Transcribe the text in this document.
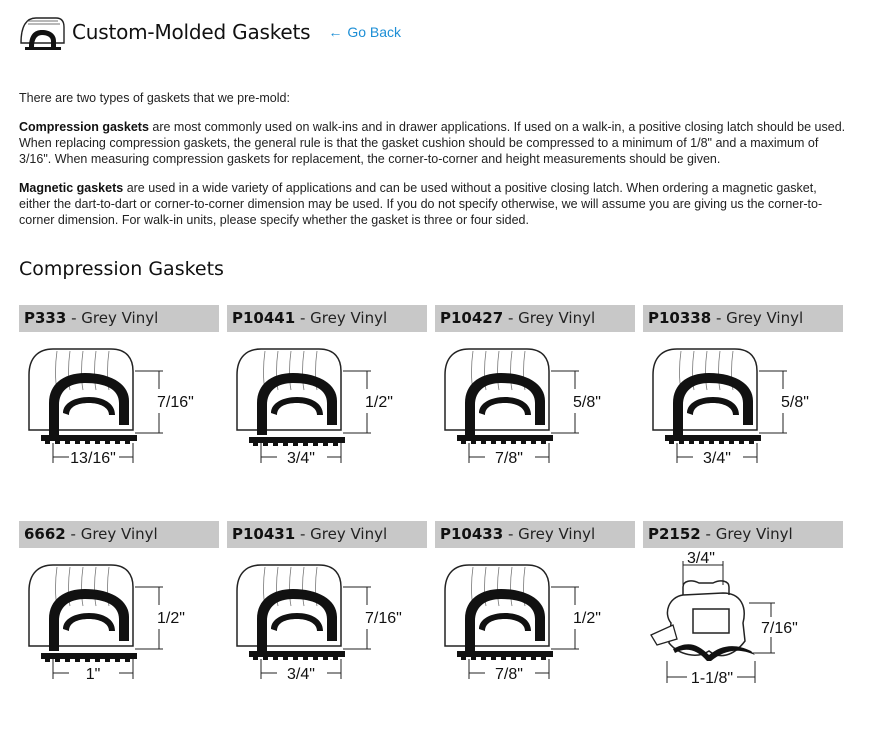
Custom-Molded Gaskets ← Go Back

There are two types of gaskets that we pre-mold:

Compression gaskets are most commonly used on walk-ins and in drawer applications. If used on a walk-in, a positive closing latch should be used. When replacing compression gaskets, the general rule is that the gasket cushion should be compressed to a minimum of 1/8" and a maximum of 3/16". When measuring compression gaskets for replacement, the corner-to-corner and height measurements should be given.

Magnetic gaskets are used in a wide variety of applications and can be used without a positive closing latch. When ordering a magnetic gasket, either the dart-to-dart or corner-to-corner dimension may be used. If you do not specify otherwise, we will assume you are giving us the corner-to-corner dimension. For walk-in units, please specify whether the gasket is three or four sided.

Compression Gaskets
P333 - Grey Vinyl
7/16"
13/16"
P10441 - Grey Vinyl
1/2"
3/4"
P10427 - Grey Vinyl
5/8"
7/8"
P10338 - Grey Vinyl
5/8"
3/4"
6662 - Grey Vinyl
1/2"
1"
P10431 - Grey Vinyl
7/16"
3/4"
P10433 - Grey Vinyl
1/2"
7/8"
P2152 - Grey Vinyl
3/4"
7/16"
1-1/8"
